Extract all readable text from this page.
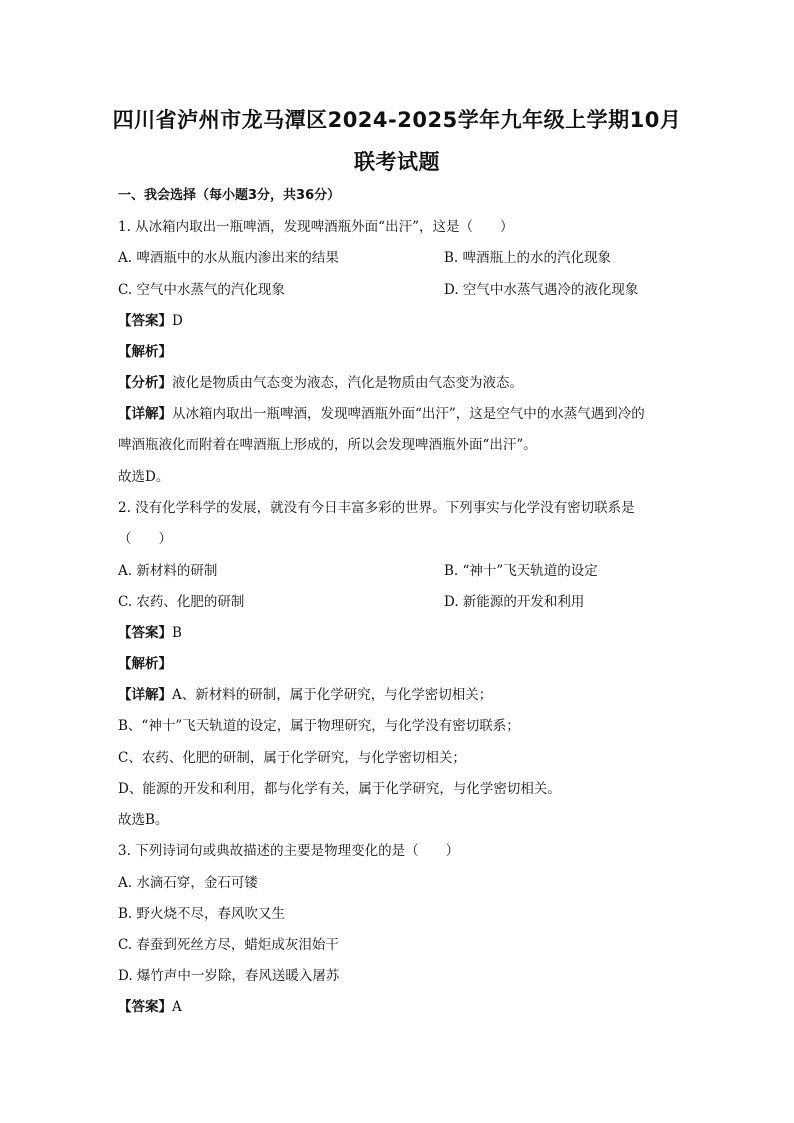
四川省泸州市龙马潭区2024-2025学年九年级上学期10月
联考试题
一、我会选择（每小题3分，共36分）
1. 从冰箱内取出一瓶啤酒，发现啤酒瓶外面“出汗”，这是（　　）
A. 啤酒瓶中的水从瓶内渗出来的结果	B. 啤酒瓶上的水的汽化现象
C. 空气中水蒸气的汽化现象	D. 空气中水蒸气遇冷的液化现象
【答案】D
【解析】
【分析】液化是物质由气态变为液态，汽化是物质由气态变为液态。
【详解】从冰箱内取出一瓶啤酒，发现啤酒瓶外面“出汗”，这是空气中的水蒸气遇到冷的
啤酒瓶液化而附着在啤酒瓶上形成的，所以会发现啤酒瓶外面“出汗”。
故选D。
2. 没有化学科学的发展，就没有今日丰富多彩的世界。下列事实与化学没有密切联系是
（　　）
A. 新材料的研制	B. “神十”飞天轨道的设定
C. 农药、化肥的研制	D. 新能源的开发和利用
【答案】B
【解析】
【详解】A、新材料的研制，属于化学研究，与化学密切相关；
B、“神十”飞天轨道的设定，属于物理研究，与化学没有密切联系；
C、农药、化肥的研制，属于化学研究，与化学密切相关；
D、能源的开发和利用，都与化学有关，属于化学研究，与化学密切相关。
故选B。
3. 下列诗词句或典故描述的主要是物理变化的是（　　）
A. 水滴石穿，金石可镂
B. 野火烧不尽，春风吹又生
C. 春蚕到死丝方尽，蜡炬成灰泪始干
D. 爆竹声中一岁除，春风送暖入屠苏
【答案】A
